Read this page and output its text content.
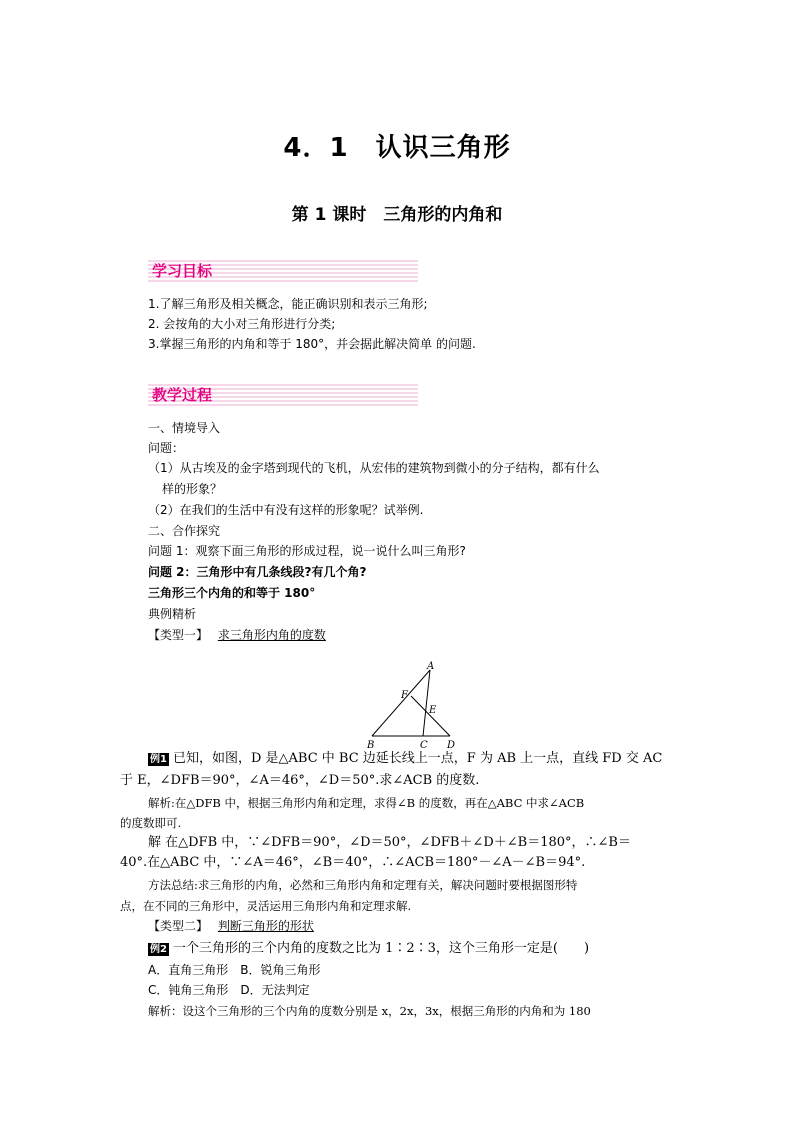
4．1　认识三角形
第 1 课时　三角形的内角和
学习目标
1.了解三角形及相关概念，能正确识别和表示三角形;
2. 会按角的大小对三角形进行分类;
3.掌握三角形的内角和等于 180°，并会据此解决简单 的问题.
教学过程
一、情境导入
问题：
（1）从古埃及的金字塔到现代的飞机，从宏伟的建筑物到微小的分子结构，都有什么
样的形象？
（2）在我们的生活中有没有这样的形象呢？试举例.
二、合作探究
问题 1：观察下面三角形的形成过程，说一说什么叫三角形?
问题 2：三角形中有几条线段?有几个角?
三角形三个内角的和等于 180°
典例精析
【类型一】 求三角形内角的度数
A
B	C D
E
F
例1 已知，如图，D 是△ABC 中 BC 边延长线上一点，F 为 AB 上一点，直线 FD 交 AC
于 E，∠DFB＝90°，∠A＝46°，∠D＝50°.求∠ACB 的度数.
解析:在△DFB 中，根据三角形内角和定理，求得∠B 的度数，再在△ABC 中求∠ACB
的度数即可.
解 在△DFB 中，∵∠DFB＝90°，∠D＝50°，∠DFB＋∠D＋∠B＝180°，∴∠B＝
40°.在△ABC 中，∵∠A＝46°，∠B＝40°，∴∠ACB＝180°－∠A－∠B＝94°.
方法总结:求三角形的内角，必然和三角形内角和定理有关，解决问题时要根据图形特
点，在不同的三角形中，灵活运用三角形内角和定理求解.
【类型二】 判断三角形的形状
例2 一个三角形的三个内角的度数之比为 1∶2∶3，这个三角形一定是(　　)
A．直角三角形　B．锐角三角形
C．钝角三角形　D．无法判定
解析：设这个三角形的三个内角的度数分别是 x，2x，3x，根据三角形的内角和为 180
